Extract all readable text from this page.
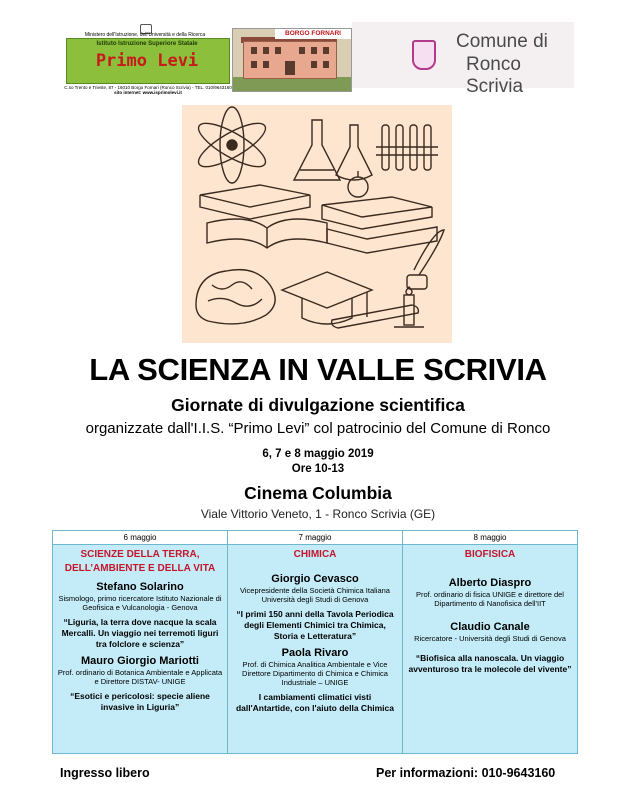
Ministero dell'Istruzione, dell'Università e della Ricerca
Istituto Istruzione Superiore Statale
Primo Levi
C.so Trento e Trieste, 87 - 16010 Borgo Fornari (Ronco Scrivia) - TEL. 010/9643160
sito internet: www.isprimolevi.it
BORGO FORNARI	Comune di
Ronco Scrivia
LA SCIENZA IN VALLE SCRIVIA
Giornate di divulgazione scientifica
organizzate dall'I.I.S. “Primo Levi” col patrocinio del Comune di Ronco
6, 7 e 8 maggio 2019
Ore 10-13
Cinema Columbia
Viale Vittorio Veneto, 1 - Ronco Scrivia (GE)
6 maggio
SCIENZE DELLA TERRA, DELL’AMBIENTE E DELLA VITA
Stefano Solarino
Sismologo, primo ricercatore Istituto Nazionale di Geofisica e Vulcanologia - Genova
“Liguria, la terra dove nacque la scala Mercalli. Un viaggio nei terremoti liguri tra folclore e scienza”
Mauro Giorgio Mariotti
Prof. ordinario di Botanica Ambientale e Applicata e Direttore DISTAV- UNIGE
“Esotici e pericolosi: specie aliene invasive in Liguria”
7 maggio
CHIMICA
Giorgio Cevasco
Vicepresidente della Società Chimica Italiana Università degli Studi di Genova
“I primi 150 anni della Tavola Periodica degli Elementi Chimici tra Chimica, Storia e Letteratura”
Paola Rivaro
Prof. di Chimica Analitica Ambientale e Vice Direttore Dipartimento di Chimica e Chimica Industriale – UNIGE
I cambiamenti climatici visti dall'Antartide, con l'aiuto della Chimica
8 maggio
BIOFISICA
Alberto Diaspro
Prof. ordinario di fisica UNIGE e direttore del Dipartimento di Nanofisica dell'IIT
Claudio Canale
Ricercatore - Università degli Studi di Genova
“Biofisica alla nanoscala. Un viaggio avventuroso tra le molecole del vivente”
Ingresso libero	Per informazioni: 010-9643160
